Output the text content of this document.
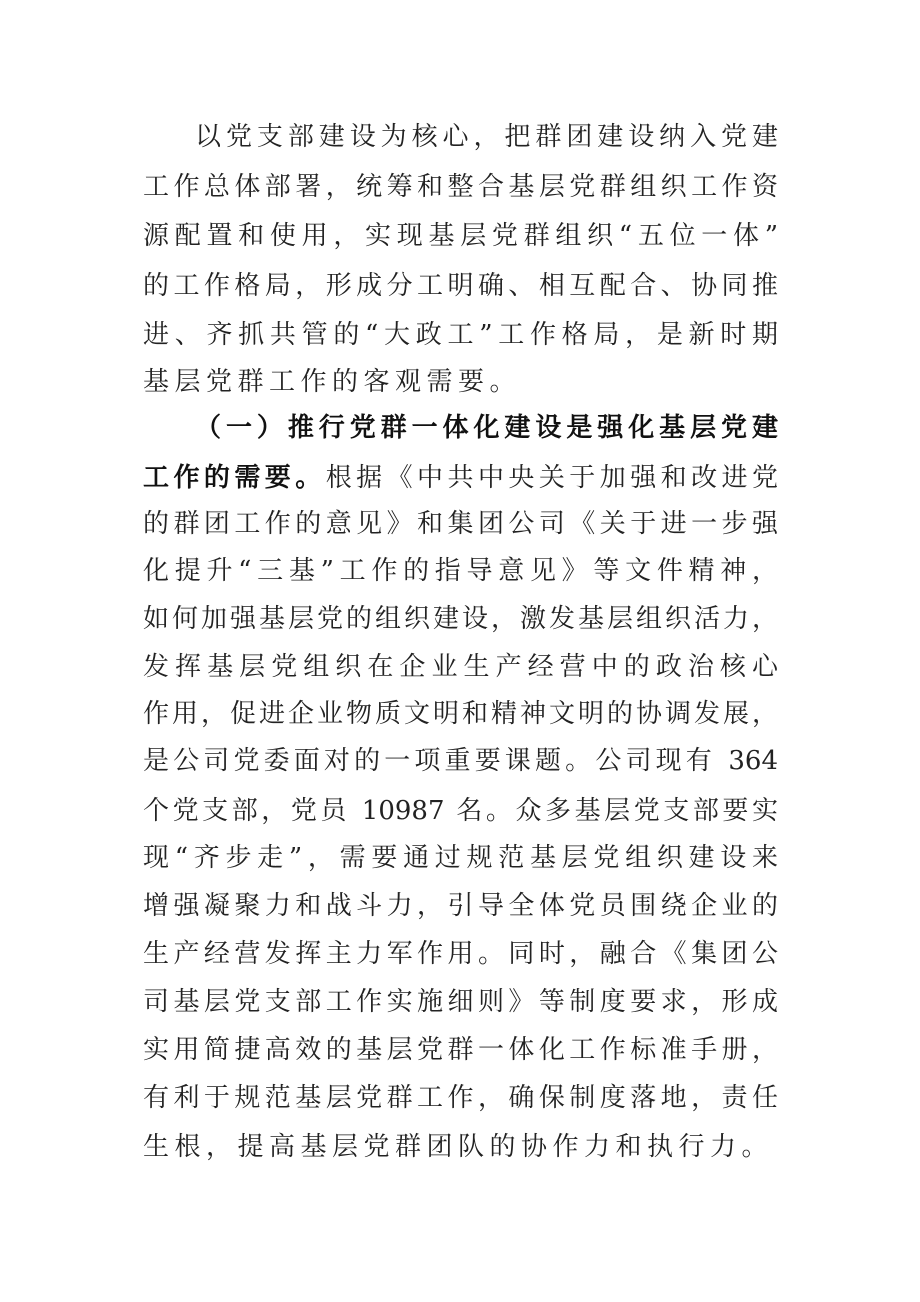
以党支部建设为核心，把群团建设纳入党建
工作总体部署，统筹和整合基层党群组织工作资
源配置和使用，实现基层党群组织“五位一体”
的工作格局，形成分工明确、相互配合、协同推
进、齐抓共管的“大政工”工作格局，是新时期
基层党群工作的客观需要。
（一）推行党群一体化建设是强化基层党建
工作的需要。根据《中共中央关于加强和改进党
的群团工作的意见》和集团公司《关于进一步强
化提升“三基”工作的指导意见》等文件精神，
如何加强基层党的组织建设，激发基层组织活力，
发挥基层党组织在企业生产经营中的政治核心
作用，促进企业物质文明和精神文明的协调发展，
是公司党委面对的一项重要课题。公司现有 364
个党支部，党员 10987 名。众多基层党支部要实
现“齐步走”，需要通过规范基层党组织建设来
增强凝聚力和战斗力，引导全体党员围绕企业的
生产经营发挥主力军作用。同时，融合《集团公
司基层党支部工作实施细则》等制度要求，形成
实用简捷高效的基层党群一体化工作标准手册，
有利于规范基层党群工作，确保制度落地，责任
生根，提高基层党群团队的协作力和执行力。
